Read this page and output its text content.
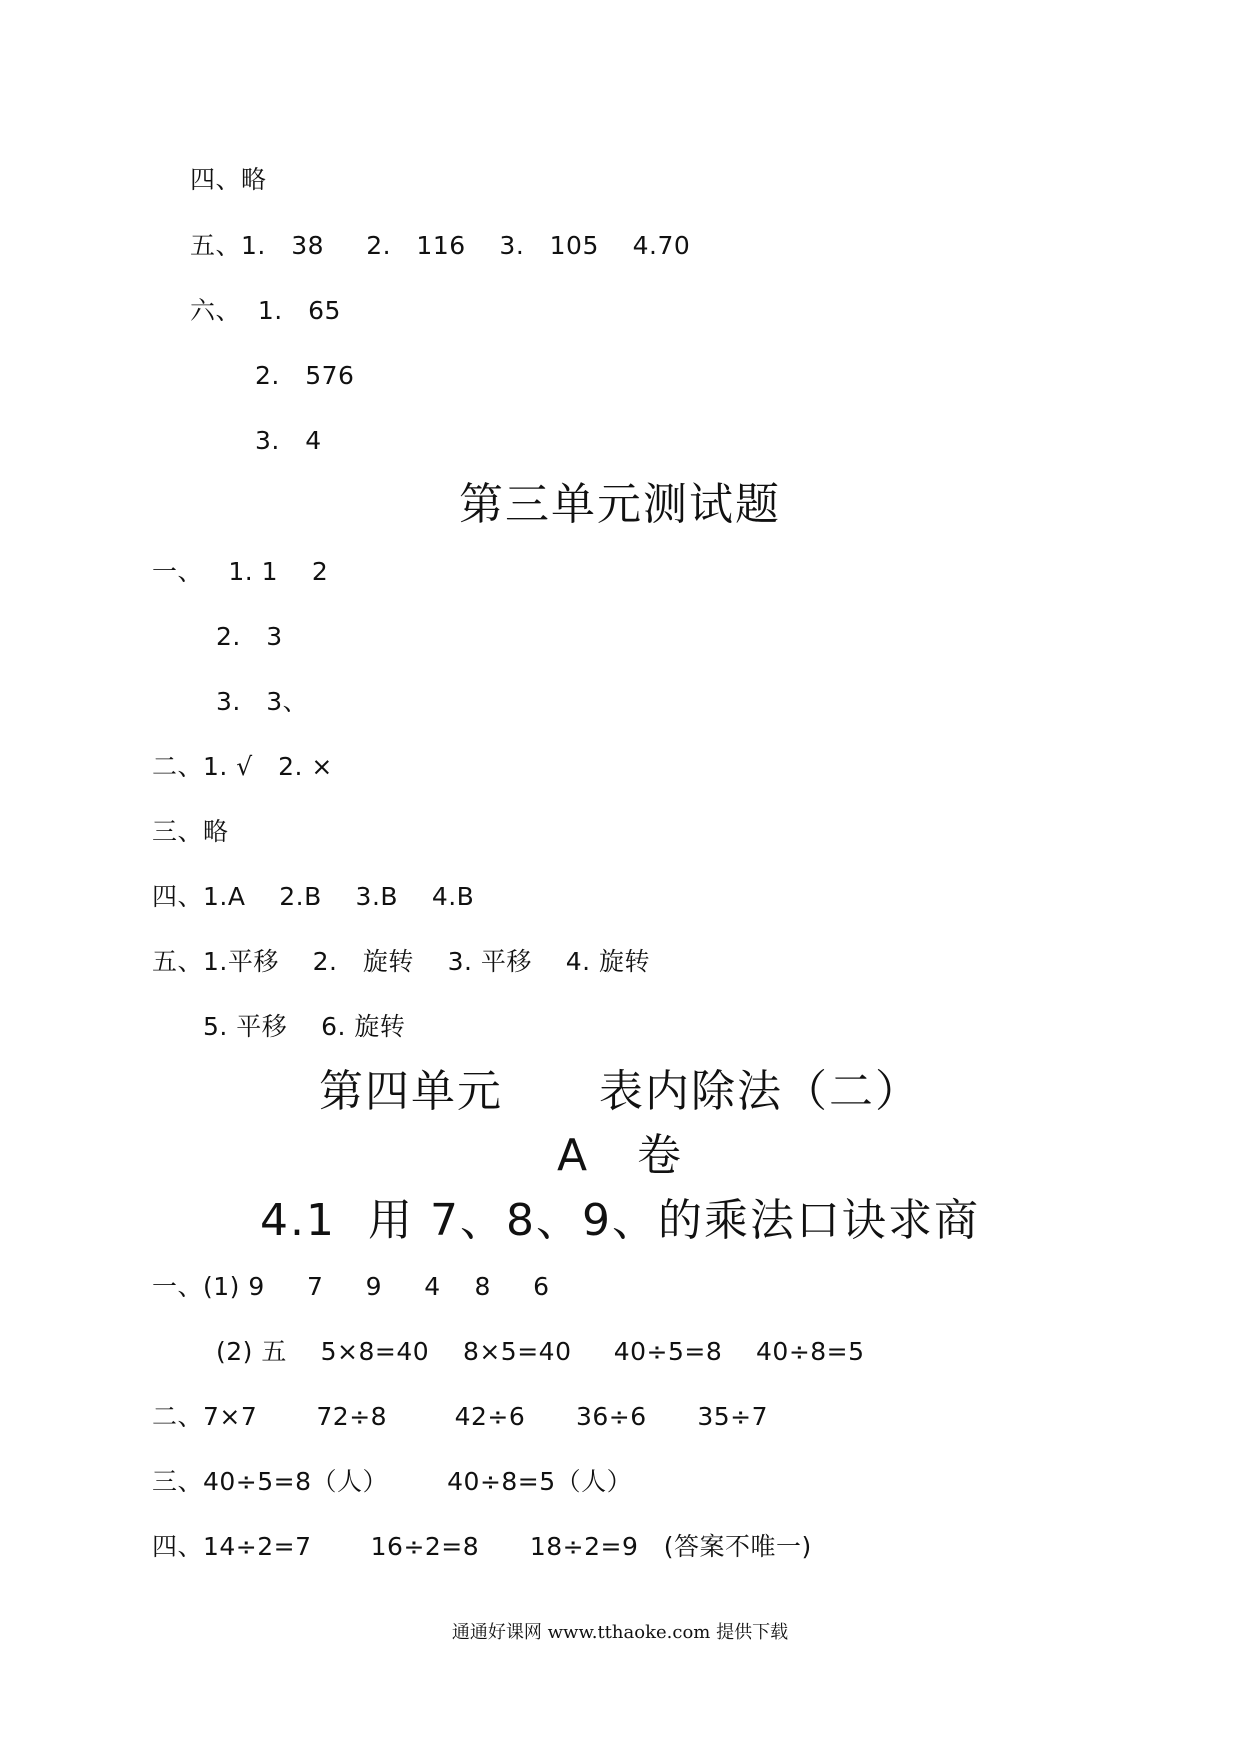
四、略
五、1.   38     2.   116    3.   105    4.70
六、  1.   65
2.   576
3.   4
第三单元测试题
一、   1. 1    2
2.   3
3.   3、
二、1. √   2. ×
三、略
四、1.A    2.B    3.B    4.B
五、1.平移    2.   旋转    3. 平移    4. 旋转
5. 平移    6. 旋转
第四单元      表内除法（二）
A   卷
4.1  用 7、8、9、的乘法口诀求商
一、(1) 9     7     9     4    8     6
(2) 五    5×8=40    8×5=40     40÷5=8    40÷8=5
二、7×7       72÷8        42÷6      36÷6      35÷7
三、40÷5=8（人）       40÷8=5（人）
四、14÷2=7       16÷2=8      18÷2=9   (答案不唯一)
通通好课网 www.tthaoke.com 提供下载
